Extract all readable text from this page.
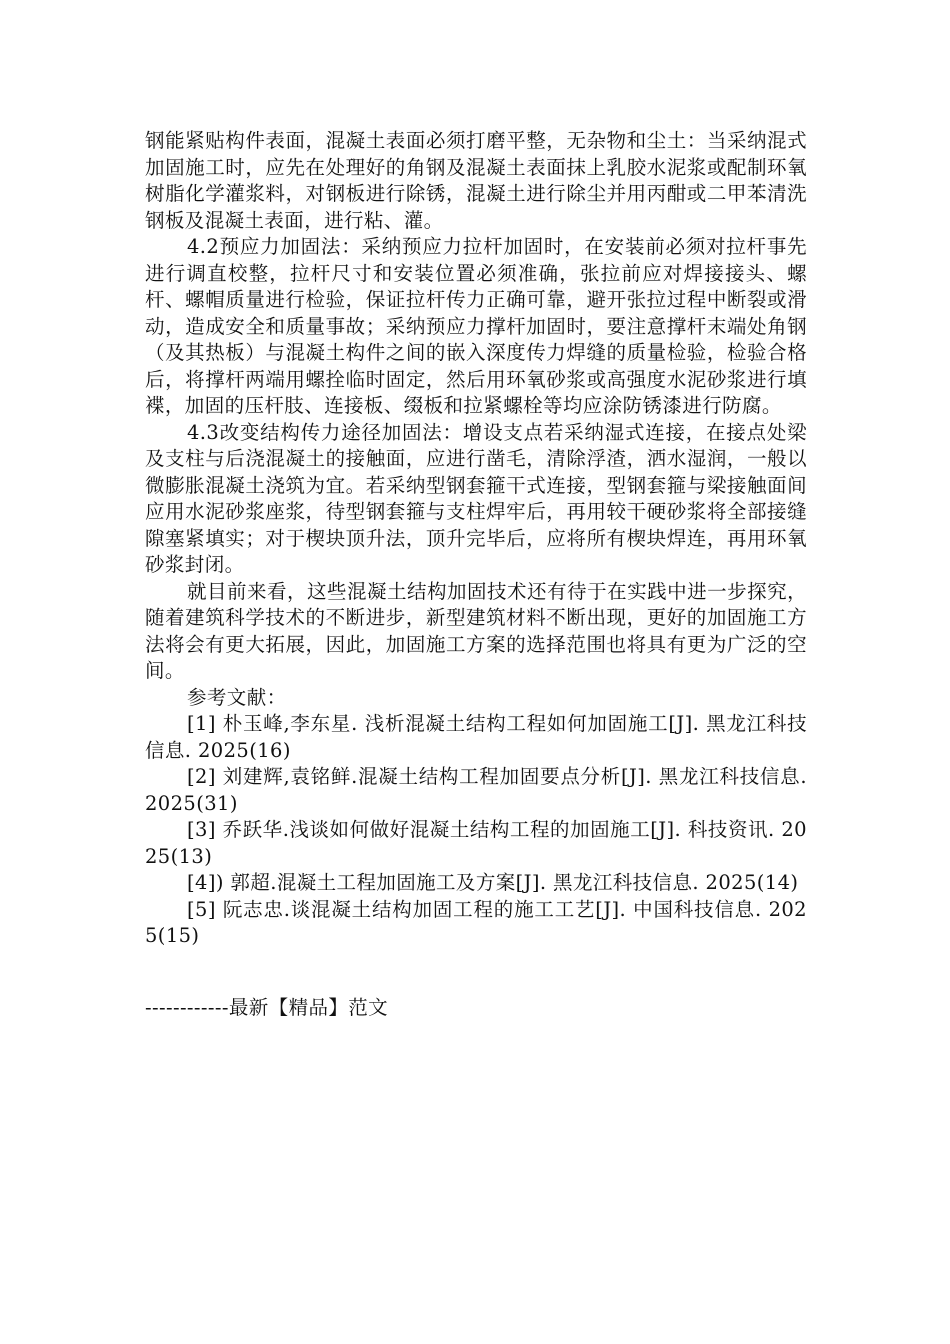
钢能紧贴构件表面，混凝土表面必须打磨平整，无杂物和尘土：当采纳混式加固施工时，应先在处理好的角钢及混凝土表面抹上乳胶水泥浆或配制环氧树脂化学灌浆料，对钢板进行除锈，混凝土进行除尘并用丙酣或二甲苯清洗钢板及混凝土表面，进行粘、灌。

4.2预应力加固法：采纳预应力拉杆加固时，在安装前必须对拉杆事先进行调直校整，拉杆尺寸和安装位置必须准确，张拉前应对焊接接头、螺杆、螺帽质量进行检验，保证拉杆传力正确可靠，避开张拉过程中断裂或滑动，造成安全和质量事故；采纳预应力撑杆加固时，要注意撑杆末端处角钢（及其热板）与混凝土构件之间的嵌入深度传力焊缝的质量检验，检验合格后，将撑杆两端用螺拴临时固定，然后用环氧砂浆或高强度水泥砂浆进行填褋，加固的压杆肢、连接板、缀板和拉紧螺栓等均应涂防锈漆进行防腐。

4.3改变结构传力途径加固法：增设支点若采纳湿式连接，在接点处梁及支柱与后浇混凝土的接触面，应进行凿毛，清除浮渣，洒水湿润，一般以微膨胀混凝土浇筑为宜。若采纳型钢套箍干式连接，型钢套箍与梁接触面间应用水泥砂浆座浆，待型钢套箍与支柱焊牢后，再用较干硬砂浆将全部接缝隙塞紧填实；对于楔块顶升法，顶升完毕后，应将所有楔块焊连，再用环氧砂浆封闭。

就目前来看，这些混凝土结构加固技术还有待于在实践中进一步探究，随着建筑科学技术的不断进步，新型建筑材料不断出现，更好的加固施工方法将会有更大拓展，因此，加固施工方案的选择范围也将具有更为广泛的空间。

参考文献：

[1] 朴玉峰,李东星. 浅析混凝土结构工程如何加固施工[J]. 黑龙江科技信息. 2025(16)

[2] 刘建辉,袁铭鲜.混凝土结构工程加固要点分析[J]. 黑龙江科技信息. 2025(31)

[3] 乔跃华.浅谈如何做好混凝土结构工程的加固施工[J]. 科技资讯. 2025(13)

[4]) 郭超.混凝土工程加固施工及方案[J]. 黑龙江科技信息. 2025(14)

[5] 阮志忠.谈混凝土结构加固工程的施工工艺[J]. 中国科技信息. 2025(15)

------------最新【精品】范文
